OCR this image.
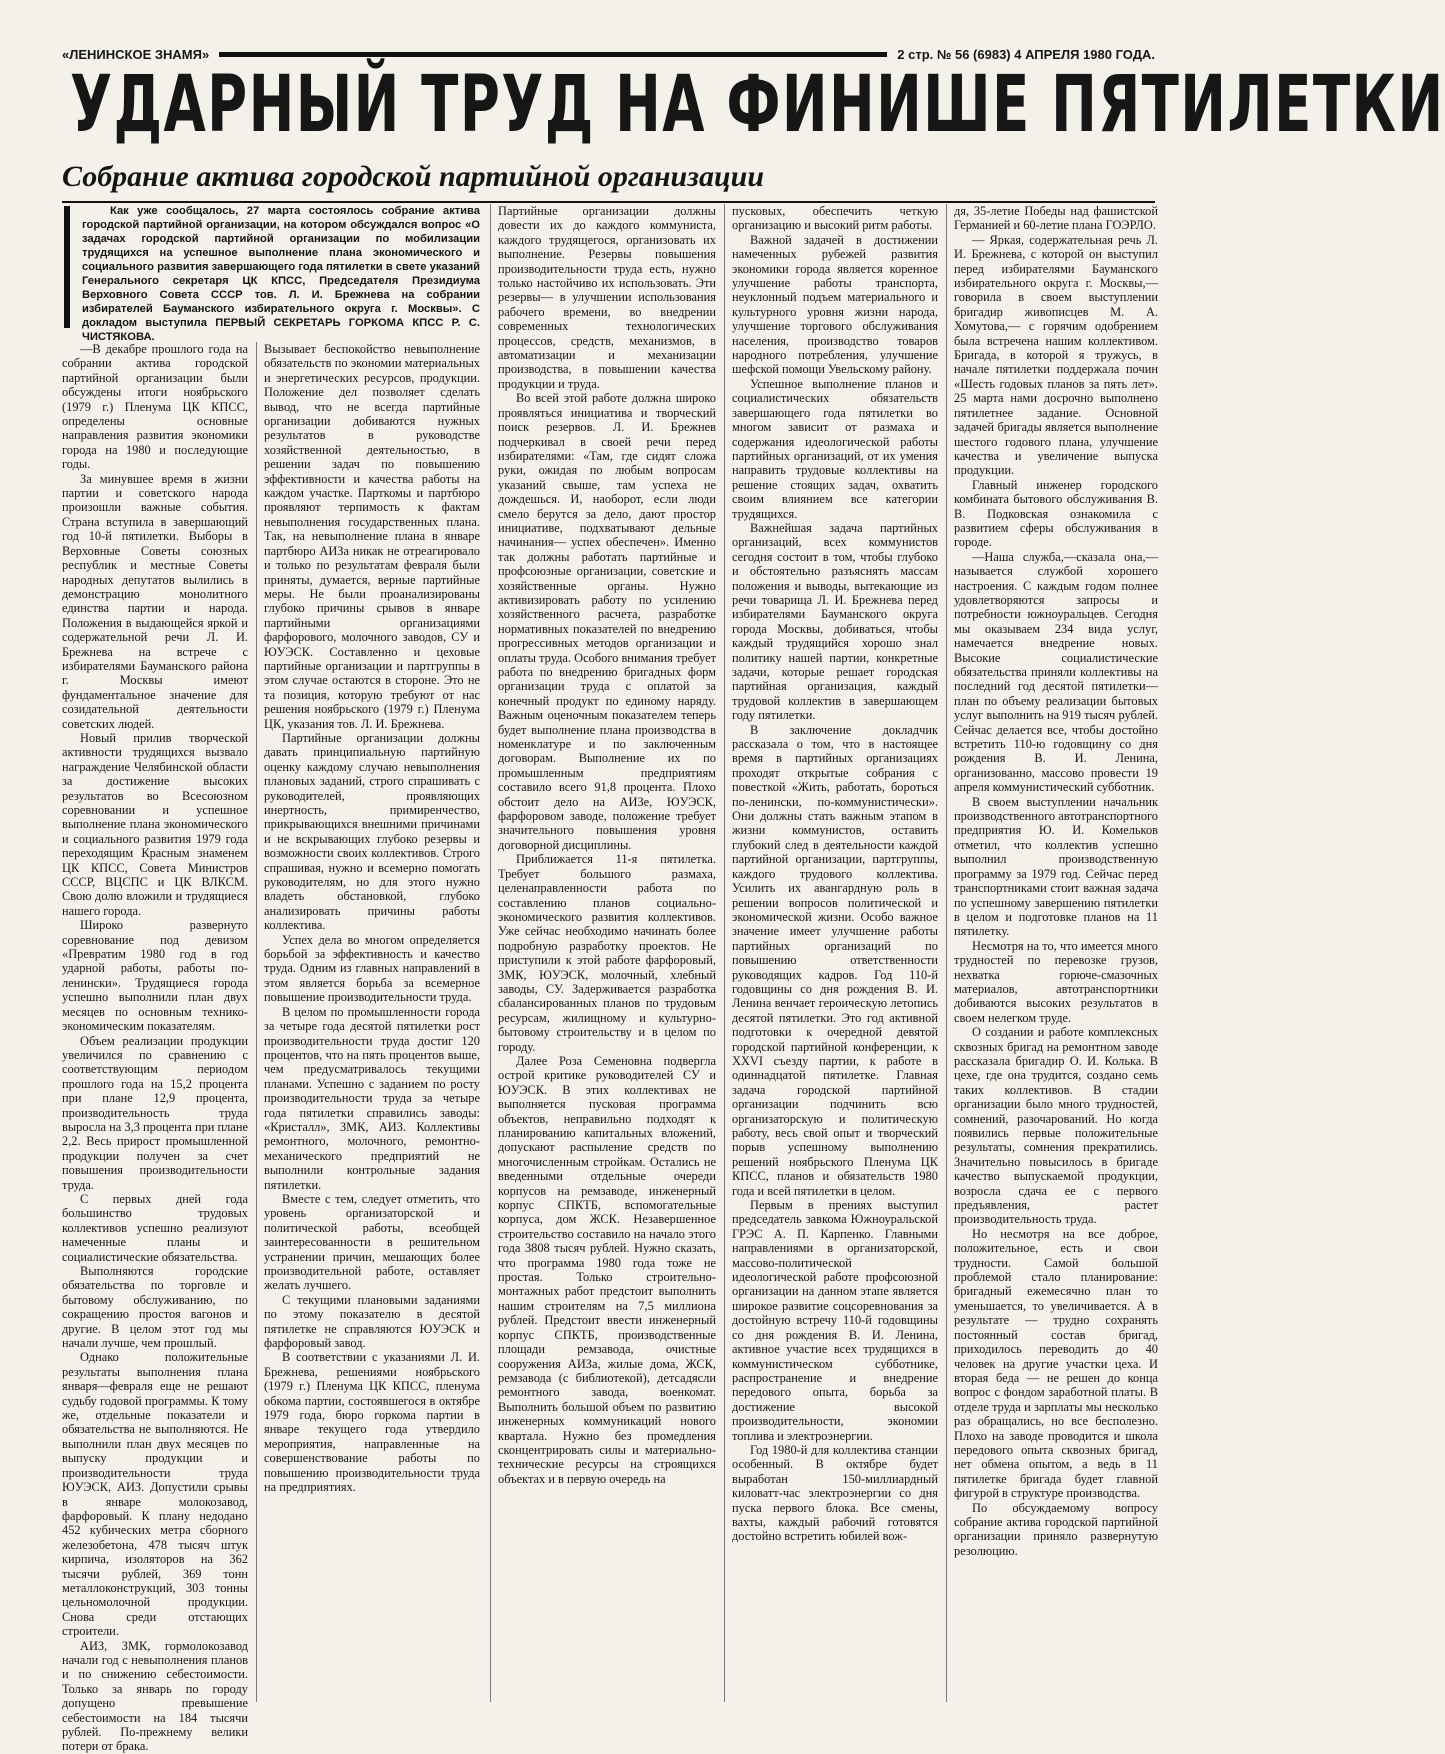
«ЛЕНИНСКОЕ ЗНАМЯ»	2 стр. № 56 (6983) 4 АПРЕЛЯ 1980 ГОДА.
УДАРНЫЙ ТРУД НА ФИНИШЕ ПЯТИЛЕТКИ
Собрание актива городской партийной организации
Как уже сообщалось, 27 марта состоялось собрание актива городской партийной организации, на котором обсуждался вопрос «О задачах городской партийной организации по мобилизации трудящихся на успешное выполнение плана экономического и социального развития завершающего года пятилетки в свете указаний Генерального секретаря ЦК КПСС, Председателя Президиума Верховного Совета СССР тов. Л. И. Брежнева на собрании избирателей Бауманского избирательного округа г. Москвы». С докладом выступила ПЕРВЫЙ СЕКРЕТАРЬ ГОРКОМА КПСС Р. С. ЧИСТЯКОВА.

—В декабре прошлого года на собрании актива городской партийной организации были обсуждены итоги ноябрьского (1979 г.) Пленума ЦК КПСС, определены основные направления развития экономики города на 1980 и последующие годы.

За минувшее время в жизни партии и советского народа произошли важные события. Страна вступила в завершающий год 10-й пятилетки. Выборы в Верховные Советы союзных республик и местные Советы народных депутатов вылились в демонстрацию монолитного единства партии и народа. Положения в выдающейся яркой и содержательной речи Л. И. Брежнева на встрече с избирателями Бауманского района г. Москвы имеют фундаментальное значение для созидательной деятельности советских людей.

Новый прилив творческой активности трудящихся вызвало награждение Челябинской области за достижение высоких результатов во Всесоюзном соревновании и успешное выполнение плана экономического и социального развития 1979 года переходящим Красным знаменем ЦК КПСС, Совета Министров СССР, ВЦСПС и ЦК ВЛКСМ. Свою долю вложили и трудящиеся нашего города.

Широко развернуто соревнование под девизом «Превратим 1980 год в год ударной работы, работы по-ленински». Трудящиеся города успешно выполнили план двух месяцев по основным технико-экономическим показателям.

Объем реализации продукции увеличился по сравнению с соответствующим периодом прошлого года на 15,2 процента при плане 12,9 процента, производительность труда выросла на 3,3 процента при плане 2,2. Весь прирост промышленной продукции получен за счет повышения производительности труда.

С первых дней года большинство трудовых коллективов успешно реализуют намеченные планы и социалистические обязательства.

Выполняются городские обязательства по торговле и бытовому обслуживанию, по сокращению простоя вагонов и другие. В целом этот год мы начали лучше, чем прошлый.

Однако положительные результаты выполнения плана января—февраля еще не решают судьбу годовой программы. К тому же, отдельные показатели и обязательства не выполняются. Не выполнили план двух месяцев по выпуску продукции и производительности труда ЮУЭСК, АИЗ. Допустили срывы в январе молокозавод, фарфоровый. К плану недодано 452 кубических метра сборного железобетона, 478 тысяч штук кирпича, изоляторов на 362 тысячи рублей, 369 тонн металлоконструкций, 303 тонны цельномолочной продукции. Снова среди отстающих строители.

АИЗ, ЗМК, гормолокозавод начали год с невыполнения планов и по снижению себестоимости. Только за январь по городу допущено превышение себестоимости на 184 тысячи рублей. По-прежнему велики потери от брака.

Вызывает беспокойство невыполнение обязательств по экономии материальных и энергетических ресурсов, продукции. Положение дел позволяет сделать вывод, что не всегда партийные организации добиваются нужных результатов в руководстве хозяйственной деятельностью, в решении задач по повышению эффективности и качества работы на каждом участке. Парткомы и партбюро проявляют терпимость к фактам невыполнения государственных плана. Так, на невыполнение плана в январе партбюро АИЗа никак не отреагировало и только по результатам февраля были приняты, думается, верные партийные меры. Не были проанализированы глубоко причины срывов в январе партийными организациями фарфорового, молочного заводов, СУ и ЮУЭСК. Составленно и цеховые партийные организации и партгруппы в этом случае остаются в стороне. Это не та позиция, которую требуют от нас решения ноябрьского (1979 г.) Пленума ЦК, указания тов. Л. И. Брежнева.

Партийные организации должны давать принципиальную партийную оценку каждому случаю невыполнения плановых заданий, строго спрашивать с руководителей, проявляющих инертность, примиренчество, прикрывающихся внешними причинами и не вскрывающих глубоко резервы и возможности своих коллективов. Строго спрашивая, нужно и всемерно помогать руководителям, но для этого нужно владеть обстановкой, глубоко анализировать причины работы коллектива.

Успех дела во многом определяется борьбой за эффективность и качество труда. Одним из главных направлений в этом является борьба за всемерное повышение производительности труда.

В целом по промышленности города за четыре года десятой пятилетки рост производительности труда достиг 120 процентов, что на пять процентов выше, чем предусматривалось текущими планами. Успешно с заданием по росту производительности труда за четыре года пятилетки справились заводы: «Кристалл», ЗМК, АИЗ. Коллективы ремонтного, молочного, ремонтно-механического предприятий не выполнили контрольные задания пятилетки.

Вместе с тем, следует отметить, что уровень организаторской и политической работы, всеобщей заинтересованности в решительном устранении причин, мешающих более производительной работе, оставляет желать лучшего.

С текущими плановыми заданиями по этому показателю в десятой пятилетке не справляются ЮУЭСК и фарфоровый завод.

В соответствии с указаниями Л. И. Брежнева, решениями ноябрьского (1979 г.) Пленума ЦК КПСС, пленума обкома партии, состоявшегося в октябре 1979 года, бюро горкома партии в январе текущего года утвердило мероприятия, направленные на совершенствование работы по повышению производительности труда на предприятиях.

Партийные организации должны довести их до каждого коммуниста, каждого трудящегося, организовать их выполнение. Резервы повышения производительности труда есть, нужно только настойчиво их использовать. Эти резервы— в улучшении использования рабочего времени, во внедрении современных технологических процессов, средств, механизмов, в автоматизации и механизации производства, в повышении качества продукции и труда.

Во всей этой работе должна широко проявляться инициатива и творческий поиск резервов. Л. И. Брежнев подчеркивал в своей речи перед избирателями: «Там, где сидят сложа руки, ожидая по любым вопросам указаний свыше, там успеха не дождешься. И, наоборот, если люди смело берутся за дело, дают простор инициативе, подхватывают дельные начинания— успех обеспечен». Именно так должны работать партийные и профсоюзные организации, советские и хозяйственные органы. Нужно активизировать работу по усилению хозяйственного расчета, разработке нормативных показателей по внедрению прогрессивных методов организации и оплаты труда. Особого внимания требует работа по внедрению бригадных форм организации труда с оплатой за конечный продукт по единому наряду. Важным оценочным показателем теперь будет выполнение плана производства в номенклатуре и по заключенным договорам. Выполнение их по промышленным предприятиям составило всего 91,8 процента. Плохо обстоит дело на АИЗе, ЮУЭСК, фарфоровом заводе, положение требует значительного повышения уровня договорной дисциплины.

Приближается 11-я пятилетка. Требует большого размаха, целенаправленности работа по составлению планов социально-экономического развития коллективов. Уже сейчас необходимо начинать более подробную разработку проектов. Не приступили к этой работе фарфоровый, ЗМК, ЮУЭСК, молочный, хлебный заводы, СУ. Задерживается разработка сбалансированных планов по трудовым ресурсам, жилищному и культурно-бытовому строительству и в целом по городу.

Далее Роза Семеновна подвергла острой критике руководителей СУ и ЮУЭСК. В этих коллективах не выполняется пусковая программа объектов, неправильно подходят к планированию капитальных вложений, допускают распыление средств по многочисленным стройкам. Остались не введенными отдельные очереди корпусов на ремзаводе, инженерный корпус СПКТБ, вспомогательные корпуса, дом ЖСК. Незавершенное строительство составило на начало этого года 3808 тысяч рублей. Нужно сказать, что программа 1980 года тоже не простая. Только строительно-монтажных работ предстоит выполнить нашим строителям на 7,5 миллиона рублей. Предстоит ввести инженерный корпус СПКТБ, производственные площади ремзавода, очистные сооружения АИЗа, жилые дома, ЖСК, ремзавода (с библиотекой), детсадясли ремонтного завода, военкомат. Выполнить большой объем по развитию инженерных коммуникаций нового квартала. Нужно без промедления сконцентрировать силы и материально-технические ресурсы на строящихся объектах и в первую очередь на

пусковых, обеспечить четкую организацию и высокий ритм работы.

Важной задачей в достижении намеченных рубежей развития экономики города является коренное улучшение работы транспорта, неуклонный подъем материального и культурного уровня жизни народа, улучшение торгового обслуживания населения, производство товаров народного потребления, улучшение шефской помощи Увельскому району.

Успешное выполнение планов и социалистических обязательств завершающего года пятилетки во многом зависит от размаха и содержания идеологической работы партийных организаций, от их умения направить трудовые коллективы на решение стоящих задач, охватить своим влиянием все категории трудящихся.

Важнейшая задача партийных организаций, всех коммунистов сегодня состоит в том, чтобы глубоко и обстоятельно разъяснять массам положения и выводы, вытекающие из речи товарища Л. И. Брежнева перед избирателями Бауманского округа города Москвы, добиваться, чтобы каждый трудящийся хорошо знал политику нашей партии, конкретные задачи, которые решает городская партийная организация, каждый трудовой коллектив в завершающем году пятилетки.

В заключение докладчик рассказала о том, что в настоящее время в партийных организациях проходят открытые собрания с повесткой «Жить, работать, бороться по-ленински, по-коммунистически». Они должны стать важным этапом в жизни коммунистов, оставить глубокий след в деятельности каждой партийной организации, партгруппы, каждого трудового коллектива. Усилить их авангардную роль в решении вопросов политической и экономической жизни. Особо важное значение имеет улучшение работы партийных организаций по повышению ответственности руководящих кадров. Год 110-й годовщины со дня рождения В. И. Ленина венчает героическую летопись десятой пятилетки. Это год активной подготовки к очередной девятой городской партийной конференции, к XXVI съезду партии, к работе в одиннадцатой пятилетке. Главная задача городской партийной организации подчинить всю организаторскую и политическую работу, весь свой опыт и творческий порыв успешному выполнению решений ноябрьского Пленума ЦК КПСС, планов и обязательств 1980 года и всей пятилетки в целом.

Первым в прениях выступил председатель завкома Южноуральской ГРЭС А. П. Карпенко. Главными направлениями в организаторской, массово-политической идеологической работе профсоюзной организации на данном этапе является широкое развитие соцсоревнования за достойную встречу 110-й годовщины со дня рождения В. И. Ленина, активное участие всех трудящихся в коммунистическом субботнике, распространение и внедрение передового опыта, борьба за достижение высокой производительности, экономии топлива и электроэнергии.

Год 1980-й для коллектива станции особенный. В октябре будет выработан 150-миллиардный киловатт-час электроэнергии со дня пуска первого блока. Все смены, вахты, каждый рабочий готовятся достойно встретить юбилей вож-

дя, 35-летие Победы над фашистской Германией и 60-летие плана ГОЭРЛО.

— Яркая, содержательная речь Л. И. Брежнева, с которой он выступил перед избирателями Бауманского избирательного округа г. Москвы,— говорила в своем выступлении бригадир живописцев М. А. Хомутова,— с горячим одобрением была встречена нашим коллективом. Бригада, в которой я тружусь, в начале пятилетки поддержала почин «Шесть годовых планов за пять лет». 25 марта нами досрочно выполнено пятилетнее задание. Основной задачей бригады является выполнение шестого годового плана, улучшение качества и увеличение выпуска продукции.

Главный инженер городского комбината бытового обслуживания В. В. Подковская ознакомила с развитием сферы обслуживания в городе.

—Наша служба,—сказала она,— называется службой хорошего настроения. С каждым годом полнее удовлетворяются запросы и потребности южноуральцев. Сегодня мы оказываем 234 вида услуг, намечается внедрение новых. Высокие социалистические обязательства приняли коллективы на последний год десятой пятилетки— план по объему реализации бытовых услуг выполнить на 919 тысяч рублей. Сейчас делается все, чтобы достойно встретить 110-ю годовщину со дня рождения В. И. Ленина, организованно, массово провести 19 апреля коммунистический субботник.

В своем выступлении начальник производственного автотранспортного предприятия Ю. И. Комельков отметил, что коллектив успешно выполнил производственную программу за 1979 год. Сейчас перед транспортниками стоит важная задача по успешному завершению пятилетки в целом и подготовке планов на 11 пятилетку.

Несмотря на то, что имеется много трудностей по перевозке грузов, нехватка горюче-смазочных материалов, автотранспортники добиваются высоких результатов в своем нелегком труде.

О создании и работе комплексных сквозных бригад на ремонтном заводе рассказала бригадир О. И. Колька. В цехе, где она трудится, создано семь таких коллективов. В стадии организации было много трудностей, сомнений, разочарований. Но когда появились первые положительные результаты, сомнения прекратились. Значительно повысилось в бригаде качество выпускаемой продукции, возросла сдача ее с первого предъявления, растет производительность труда.

Но несмотря на все доброе, положительное, есть и свои трудности. Самой большой проблемой стало планирование: бригадный ежемесячно план то уменьшается, то увеличивается. А в результате — трудно сохранять постоянный состав бригад, приходилось переводить до 40 человек на другие участки цеха. И вторая беда — не решен до конца вопрос с фондом заработной платы. В отделе труда и зарплаты мы несколько раз обращались, но все бесполезно. Плохо на заводе проводится и школа передового опыта сквозных бригад, нет обмена опытом, а ведь в 11 пятилетке бригада будет главной фигурой в структуре производства.

По обсуждаемому вопросу собрание актива городской партийной организации приняло развернутую резолюцию.
